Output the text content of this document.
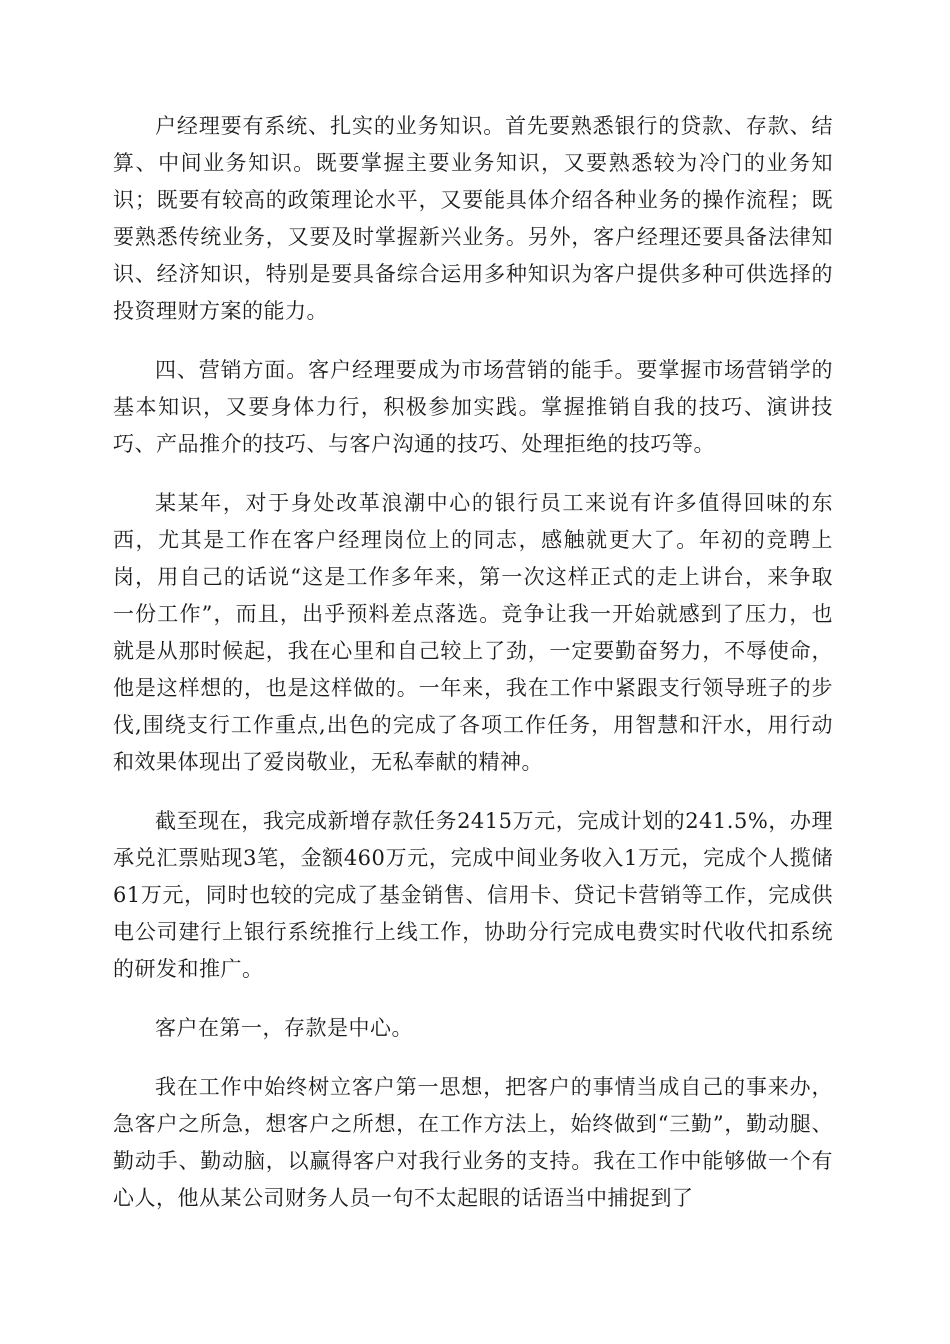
户经理要有系统、扎实的业务知识。首先要熟悉银行的贷款、存款、结算、中间业务知识。既要掌握主要业务知识，又要熟悉较为冷门的业务知识；既要有较高的政策理论水平，又要能具体介绍各种业务的操作流程；既要熟悉传统业务，又要及时掌握新兴业务。另外，客户经理还要具备法律知识、经济知识，特别是要具备综合运用多种知识为客户提供多种可供选择的投资理财方案的能力。

四、营销方面。客户经理要成为市场营销的能手。要掌握市场营销学的基本知识，又要身体力行，积极参加实践。掌握推销自我的技巧、演讲技巧、产品推介的技巧、与客户沟通的技巧、处理拒绝的技巧等。

某某年，对于身处改革浪潮中心的银行员工来说有许多值得回味的东西，尤其是工作在客户经理岗位上的同志，感触就更大了。年初的竞聘上岗，用自己的话说“这是工作多年来，第一次这样正式的走上讲台，来争取一份工作”，而且，出乎预料差点落选。竞争让我一开始就感到了压力，也就是从那时候起，我在心里和自己较上了劲，一定要勤奋努力，不辱使命，他是这样想的，也是这样做的。一年来，我在工作中紧跟支行领导班子的步伐,围绕支行工作重点,出色的完成了各项工作任务，用智慧和汗水，用行动和效果体现出了爱岗敬业，无私奉献的精神。

截至现在，我完成新增存款任务2415万元，完成计划的241.5%，办理承兑汇票贴现3笔，金额460万元，完成中间业务收入1万元，完成个人揽储61万元，同时也较的完成了基金销售、信用卡、贷记卡营销等工作，完成供电公司建行上银行系统推行上线工作，协助分行完成电费实时代收代扣系统的研发和推广。

客户在第一，存款是中心。

我在工作中始终树立客户第一思想，把客户的事情当成自己的事来办，急客户之所急，想客户之所想，在工作方法上，始终做到“三勤”，勤动腿、勤动手、勤动脑，以赢得客户对我行业务的支持。我在工作中能够做一个有心人，他从某公司财务人员一句不太起眼的话语当中捕捉到了
